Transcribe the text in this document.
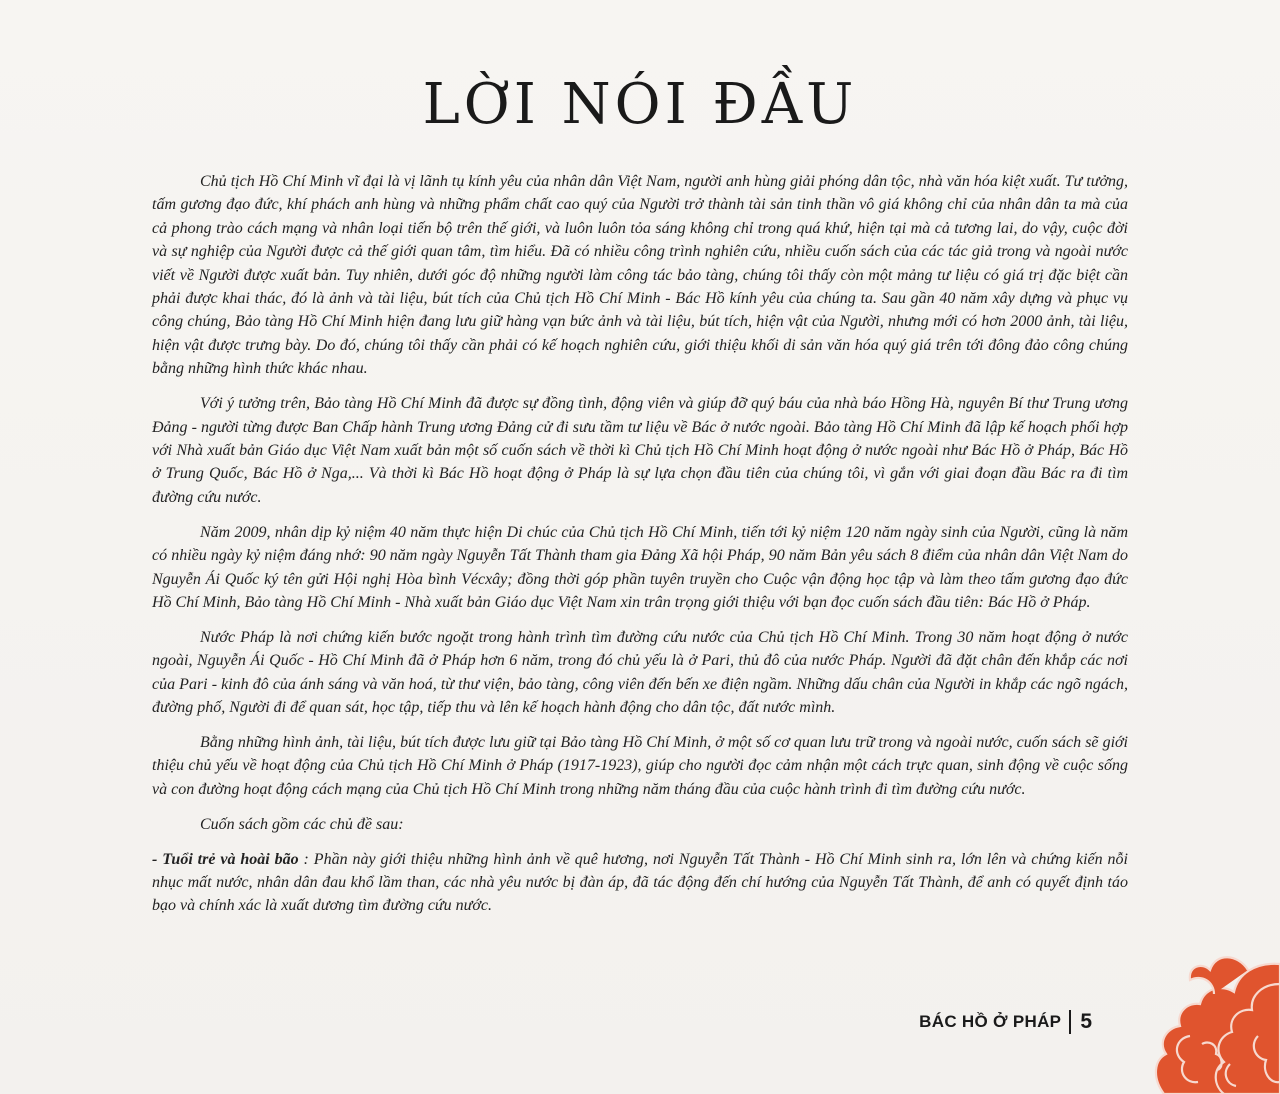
LỜI NÓI ĐẦU

Chủ tịch Hồ Chí Minh vĩ đại là vị lãnh tụ kính yêu của nhân dân Việt Nam, người anh hùng giải phóng dân tộc, nhà văn hóa kiệt xuất. Tư tưởng, tấm gương đạo đức, khí phách anh hùng và những phẩm chất cao quý của Người trở thành tài sản tinh thần vô giá không chỉ của nhân dân ta mà của cả phong trào cách mạng và nhân loại tiến bộ trên thế giới, và luôn luôn tỏa sáng không chỉ trong quá khứ, hiện tại mà cả tương lai, do vậy, cuộc đời và sự nghiệp của Người được cả thế giới quan tâm, tìm hiểu. Đã có nhiều công trình nghiên cứu, nhiều cuốn sách của các tác giả trong và ngoài nước viết về Người được xuất bản. Tuy nhiên, dưới góc độ những người làm công tác bảo tàng, chúng tôi thấy còn một mảng tư liệu có giá trị đặc biệt cần phải được khai thác, đó là ảnh và tài liệu, bút tích của Chủ tịch Hồ Chí Minh - Bác Hồ kính yêu của chúng ta. Sau gần 40 năm xây dựng và phục vụ công chúng, Bảo tàng Hồ Chí Minh hiện đang lưu giữ hàng vạn bức ảnh và tài liệu, bút tích, hiện vật của Người, nhưng mới có hơn 2000 ảnh, tài liệu, hiện vật được trưng bày. Do đó, chúng tôi thấy cần phải có kế hoạch nghiên cứu, giới thiệu khối di sản văn hóa quý giá trên tới đông đảo công chúng bằng những hình thức khác nhau.

Với ý tưởng trên, Bảo tàng Hồ Chí Minh đã được sự đồng tình, động viên và giúp đỡ quý báu của nhà báo Hồng Hà, nguyên Bí thư Trung ương Đảng - người từng được Ban Chấp hành Trung ương Đảng cử đi sưu tầm tư liệu về Bác ở nước ngoài. Bảo tàng Hồ Chí Minh đã lập kế hoạch phối hợp với Nhà xuất bản Giáo dục Việt Nam xuất bản một số cuốn sách về thời kì Chủ tịch Hồ Chí Minh hoạt động ở nước ngoài như Bác Hồ ở Pháp, Bác Hồ ở Trung Quốc, Bác Hồ ở Nga,... Và thời kì Bác Hồ hoạt động ở Pháp là sự lựa chọn đầu tiên của chúng tôi, vì gắn với giai đoạn đầu Bác ra đi tìm đường cứu nước.

Năm 2009, nhân dịp kỷ niệm 40 năm thực hiện Di chúc của Chủ tịch Hồ Chí Minh, tiến tới kỷ niệm 120 năm ngày sinh của Người, cũng là năm có nhiều ngày kỷ niệm đáng nhớ: 90 năm ngày Nguyễn Tất Thành tham gia Đảng Xã hội Pháp, 90 năm Bản yêu sách 8 điểm của nhân dân Việt Nam do Nguyễn Ái Quốc ký tên gửi Hội nghị Hòa bình Vécxây; đồng thời góp phần tuyên truyền cho Cuộc vận động học tập và làm theo tấm gương đạo đức Hồ Chí Minh, Bảo tàng Hồ Chí Minh - Nhà xuất bản Giáo dục Việt Nam xin trân trọng giới thiệu với bạn đọc cuốn sách đầu tiên: Bác Hồ ở Pháp.

Nước Pháp là nơi chứng kiến bước ngoặt trong hành trình tìm đường cứu nước của Chủ tịch Hồ Chí Minh. Trong 30 năm hoạt động ở nước ngoài, Nguyễn Ái Quốc - Hồ Chí Minh đã ở Pháp hơn 6 năm, trong đó chủ yếu là ở Pari, thủ đô của nước Pháp. Người đã đặt chân đến khắp các nơi của Pari - kinh đô của ánh sáng và văn hoá, từ thư viện, bảo tàng, công viên đến bến xe điện ngầm. Những dấu chân của Người in khắp các ngõ ngách, đường phố, Người đi để quan sát, học tập, tiếp thu và lên kế hoạch hành động cho dân tộc, đất nước mình.

Bằng những hình ảnh, tài liệu, bút tích được lưu giữ tại Bảo tàng Hồ Chí Minh, ở một số cơ quan lưu trữ trong và ngoài nước, cuốn sách sẽ giới thiệu chủ yếu về hoạt động của Chủ tịch Hồ Chí Minh ở Pháp (1917-1923), giúp cho người đọc cảm nhận một cách trực quan, sinh động về cuộc sống và con đường hoạt động cách mạng của Chủ tịch Hồ Chí Minh trong những năm tháng đầu của cuộc hành trình đi tìm đường cứu nước.

Cuốn sách gồm các chủ đề sau:

- Tuổi trẻ và hoài bão : Phần này giới thiệu những hình ảnh về quê hương, nơi Nguyễn Tất Thành - Hồ Chí Minh sinh ra, lớn lên và chứng kiến nỗi nhục mất nước, nhân dân đau khổ lầm than, các nhà yêu nước bị đàn áp, đã tác động đến chí hướng của Nguyễn Tất Thành, để anh có quyết định táo bạo và chính xác là xuất dương tìm đường cứu nước.

BÁC HỒ Ở PHÁP 5
